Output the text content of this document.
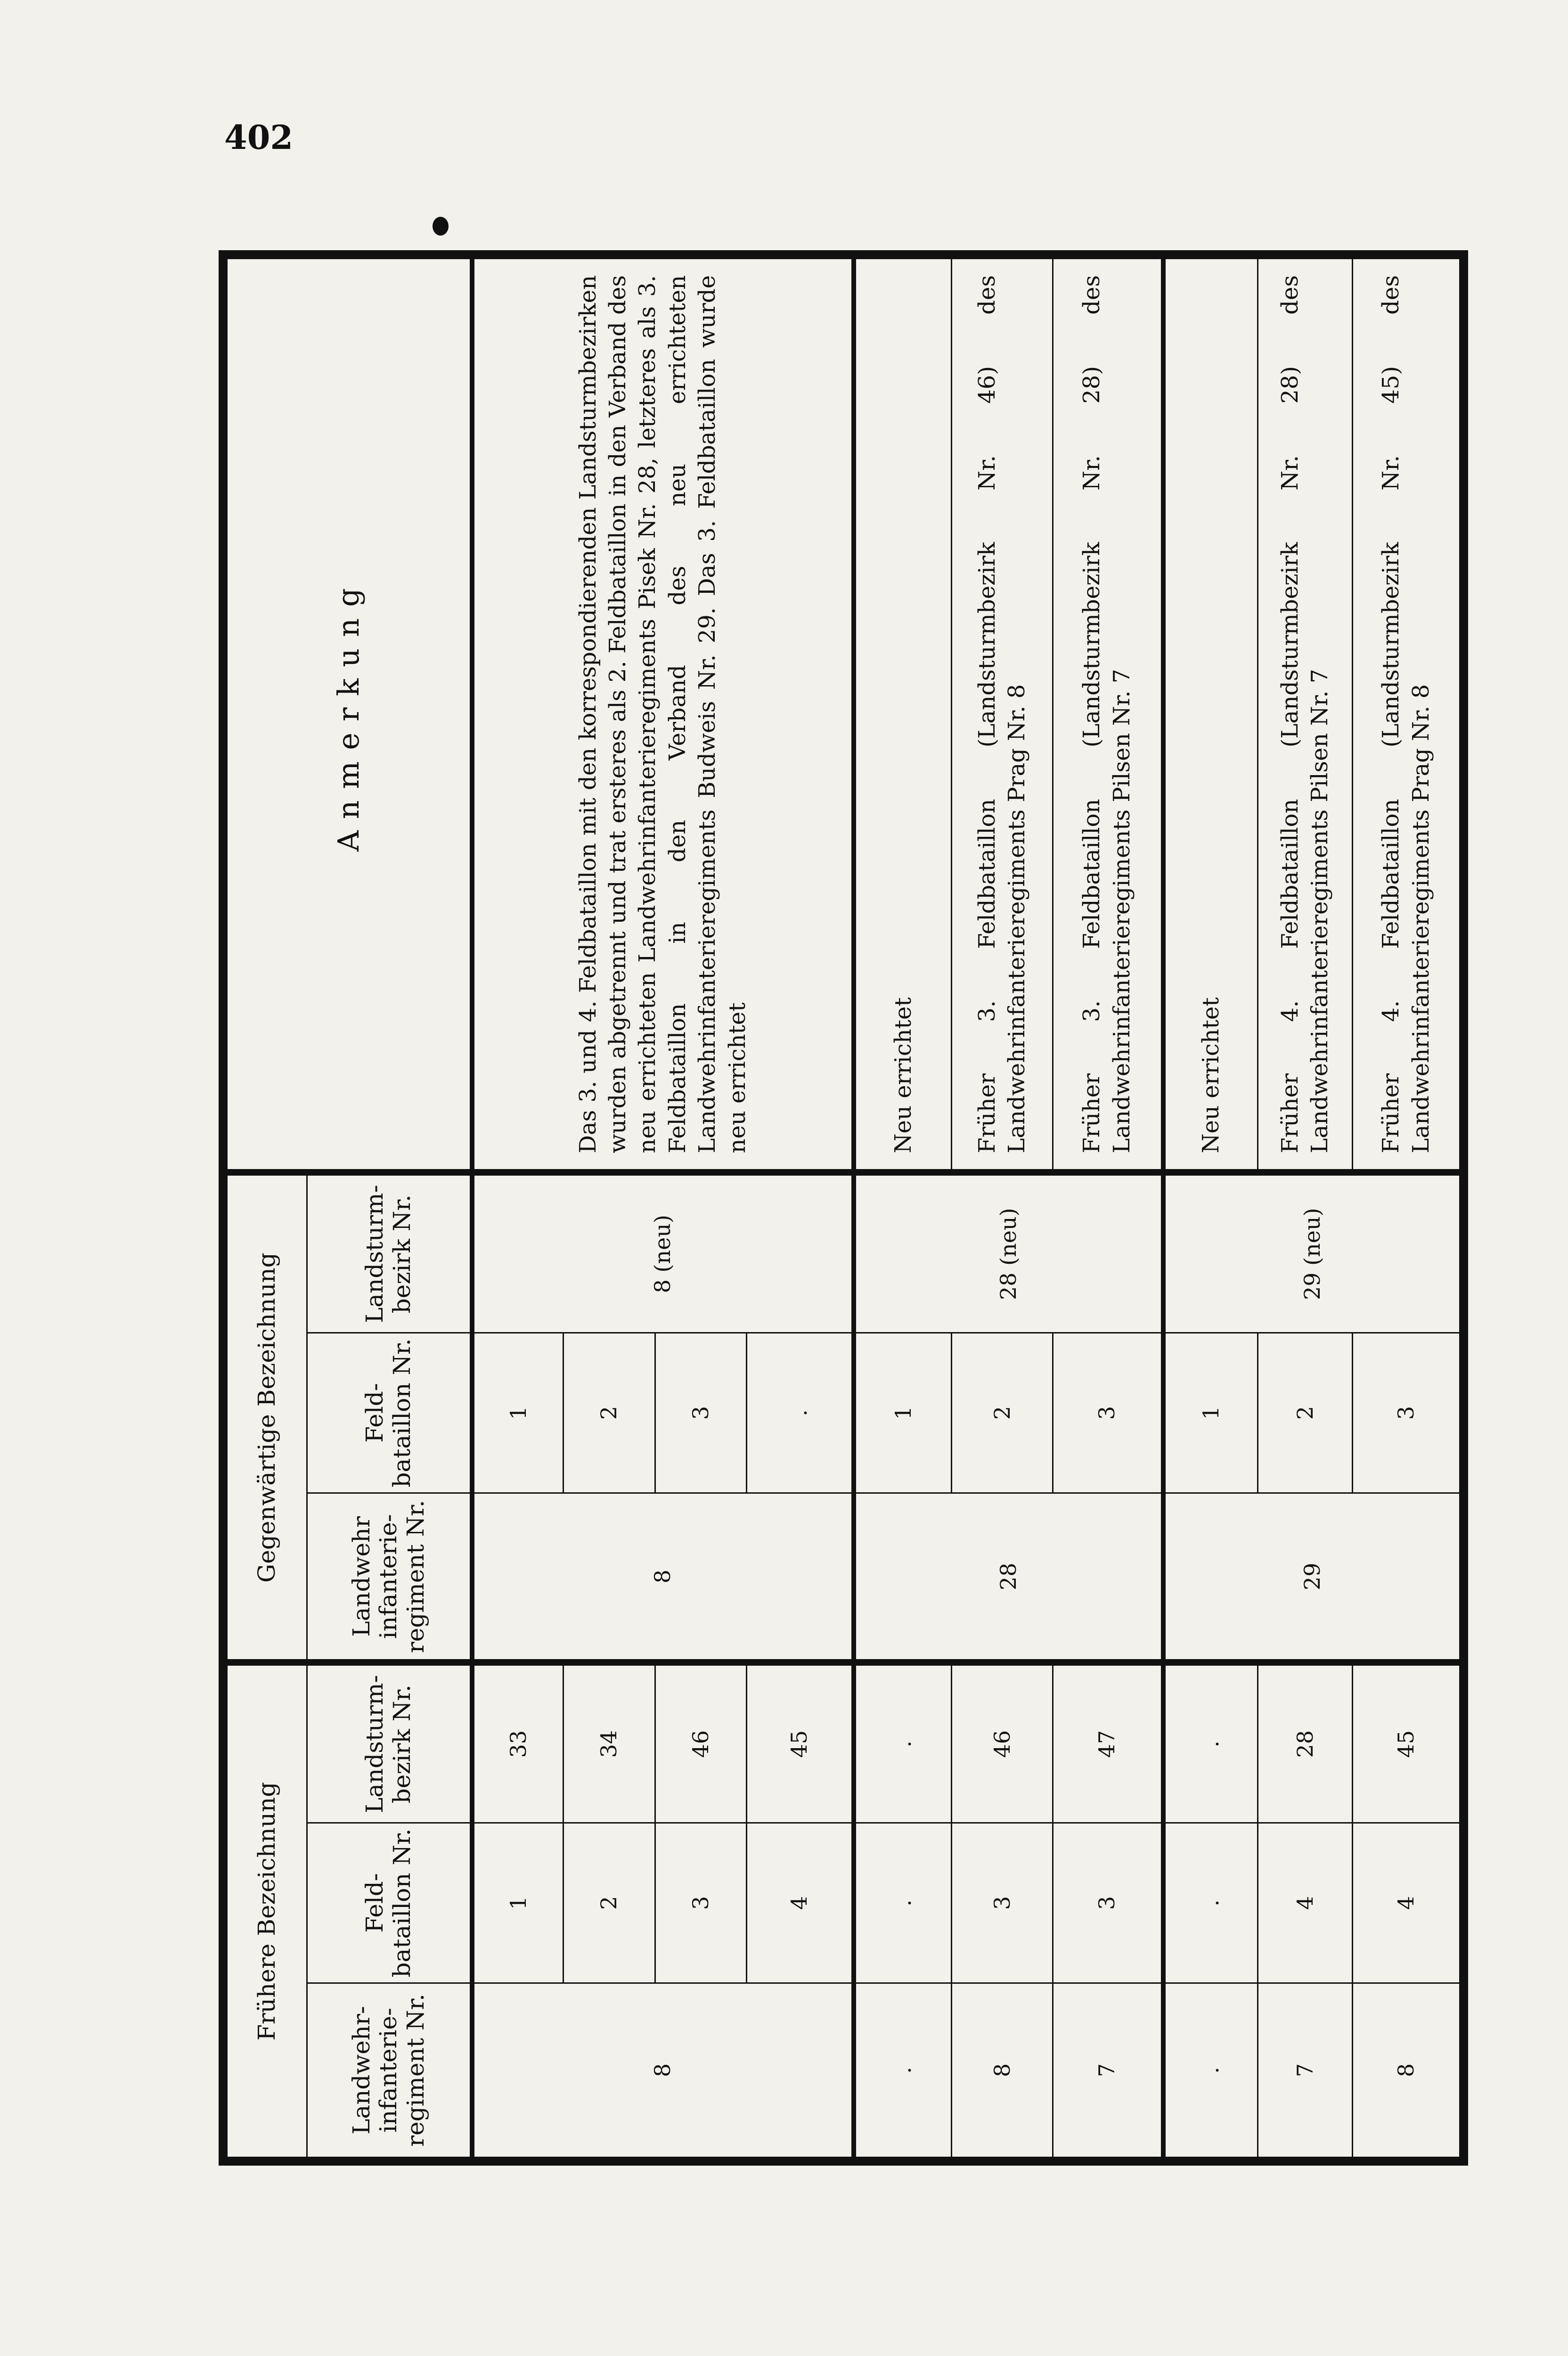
402
Frühere Bezeichnung			Gegenwärtige Bezeichnung			Anmerkung
Landwehr-infanterie-regiment Nr.	Feld-bataillon Nr.	Landsturm-bezirk Nr.	Landwehr infanterie-regiment Nr.	Feld-bataillon Nr.	Landsturm-bezirk Nr.	
8	1	33	8	1	8 (neu)	Das 3. und 4. Feldbataillon mit den korrespondierenden Landsturmbezirken wurden abgetrennt und trat ersteres als 2. Feldbataillon in den Verband des neu errichteten Landwehrinfanterieregiments Pisek Nr. 28, letzteres als 3. Feldbataillon in den Verband des neu errichteten Landwehrinfanterieregiments Budweis Nr. 29. Das 3. Feldbataillon wurde neu errichtet
	2	34		2		
	3	46		3		
	4	45		.		
.	.	.	28	1	28 (neu)	Neu errichtet
8	3	46		2		Früher 3. Feldbataillon (Landsturmbezirk Nr. 46) des Landwehrinfanterieregiments Prag Nr. 8
7	3	47		3		Früher 3. Feldbataillon (Landsturmbezirk Nr. 28) des Landwehrinfanterieregiments Pilsen Nr. 7
.	.	.	29	1	29 (neu)	Neu errichtet
7	4	28		2		Früher 4. Feldbataillon (Landsturmbezirk Nr. 28) des Landwehrinfanterieregiments Pilsen Nr. 7
8	4	45		3		Früher 4. Feldbataillon (Landsturmbezirk Nr. 45) des Landwehrinfanterieregiments Prag Nr. 8
